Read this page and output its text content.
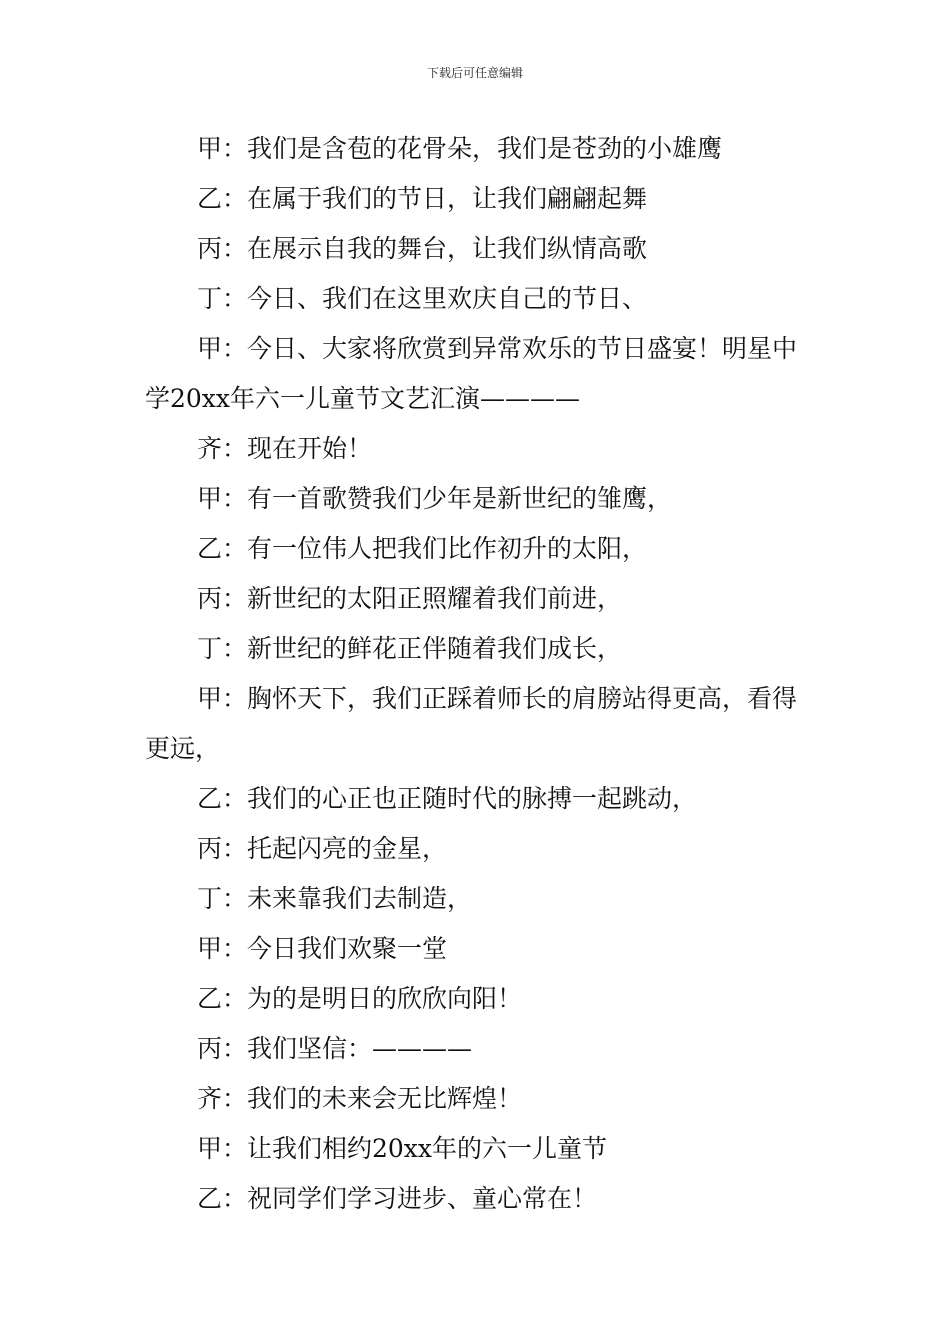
下载后可任意编辑

甲：我们是含苞的花骨朵，我们是苍劲的小雄鹰

乙：在属于我们的节日，让我们翩翩起舞

丙：在展示自我的舞台，让我们纵情高歌

丁：今日、我们在这里欢庆自己的节日、

甲：今日、大家将欣赏到异常欢乐的节日盛宴！明星中学20xx年六一儿童节文艺汇演————

齐：现在开始！

甲：有一首歌赞我们少年是新世纪的雏鹰，

乙：有一位伟人把我们比作初升的太阳，

丙：新世纪的太阳正照耀着我们前进，

丁：新世纪的鲜花正伴随着我们成长，

甲：胸怀天下，我们正踩着师长的肩膀站得更高，看得更远，

乙：我们的心正也正随时代的脉搏一起跳动，

丙：托起闪亮的金星，

丁：未来靠我们去制造，

甲：今日我们欢聚一堂

乙：为的是明日的欣欣向阳！

丙：我们坚信：————

齐：我们的未来会无比辉煌！

甲：让我们相约20xx年的六一儿童节

乙：祝同学们学习进步、童心常在！
